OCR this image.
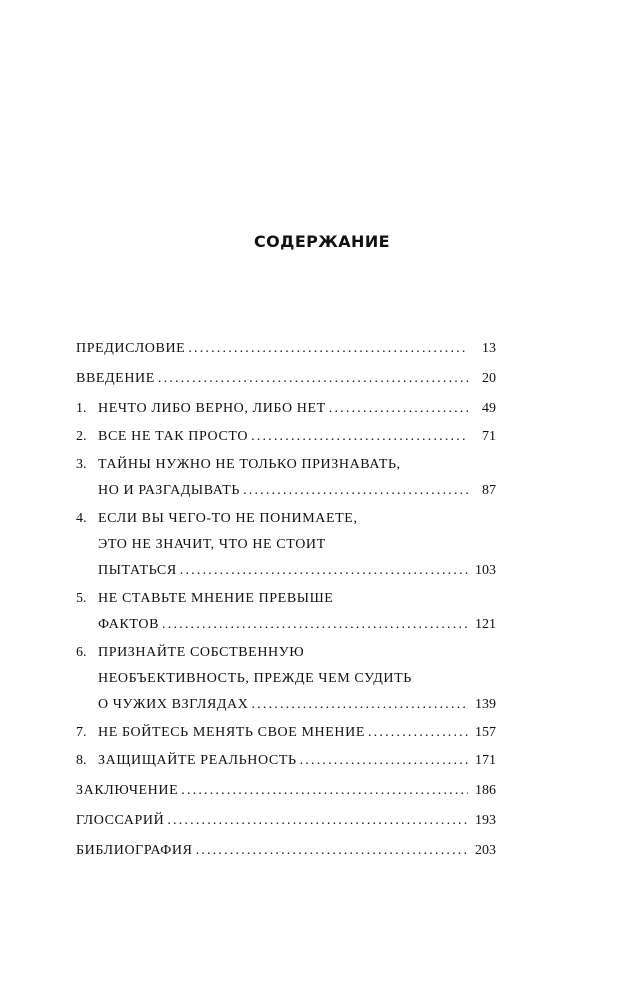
СОДЕРЖАНИЕ
ПРЕДИСЛОВИЕ .....	13
ВВЕДЕНИЕ .....	20
1. НЕЧТО ЛИБО ВЕРНО, ЛИБО НЕТ .....	49
2. ВСЕ НЕ ТАК ПРОСТО .....	71
3. ТАЙНЫ НУЖНО НЕ ТОЛЬКО ПРИЗНАВАТЬ,
НО И РАЗГАДЫВАТЬ .....	87
4. ЕСЛИ ВЫ ЧЕГО-ТО НЕ ПОНИМАЕТЕ,
ЭТО НЕ ЗНАЧИТ, ЧТО НЕ СТОИТ
ПЫТАТЬСЯ .....	103
5. НЕ СТАВЬТЕ МНЕНИЕ ПРЕВЫШЕ
ФАКТОВ .....	121
6. ПРИЗНАЙТЕ СОБСТВЕННУЮ
НЕОБЪЕКТИВНОСТЬ, ПРЕЖДЕ ЧЕМ СУДИТЬ
О ЧУЖИХ ВЗГЛЯДАХ .....	139
7. НЕ БОЙТЕСЬ МЕНЯТЬ СВОЕ МНЕНИЕ .....	157
8. ЗАЩИЩАЙТЕ РЕАЛЬНОСТЬ .....	171
ЗАКЛЮЧЕНИЕ .....	186
ГЛОССАРИЙ .....	193
БИБЛИОГРАФИЯ .....	203
